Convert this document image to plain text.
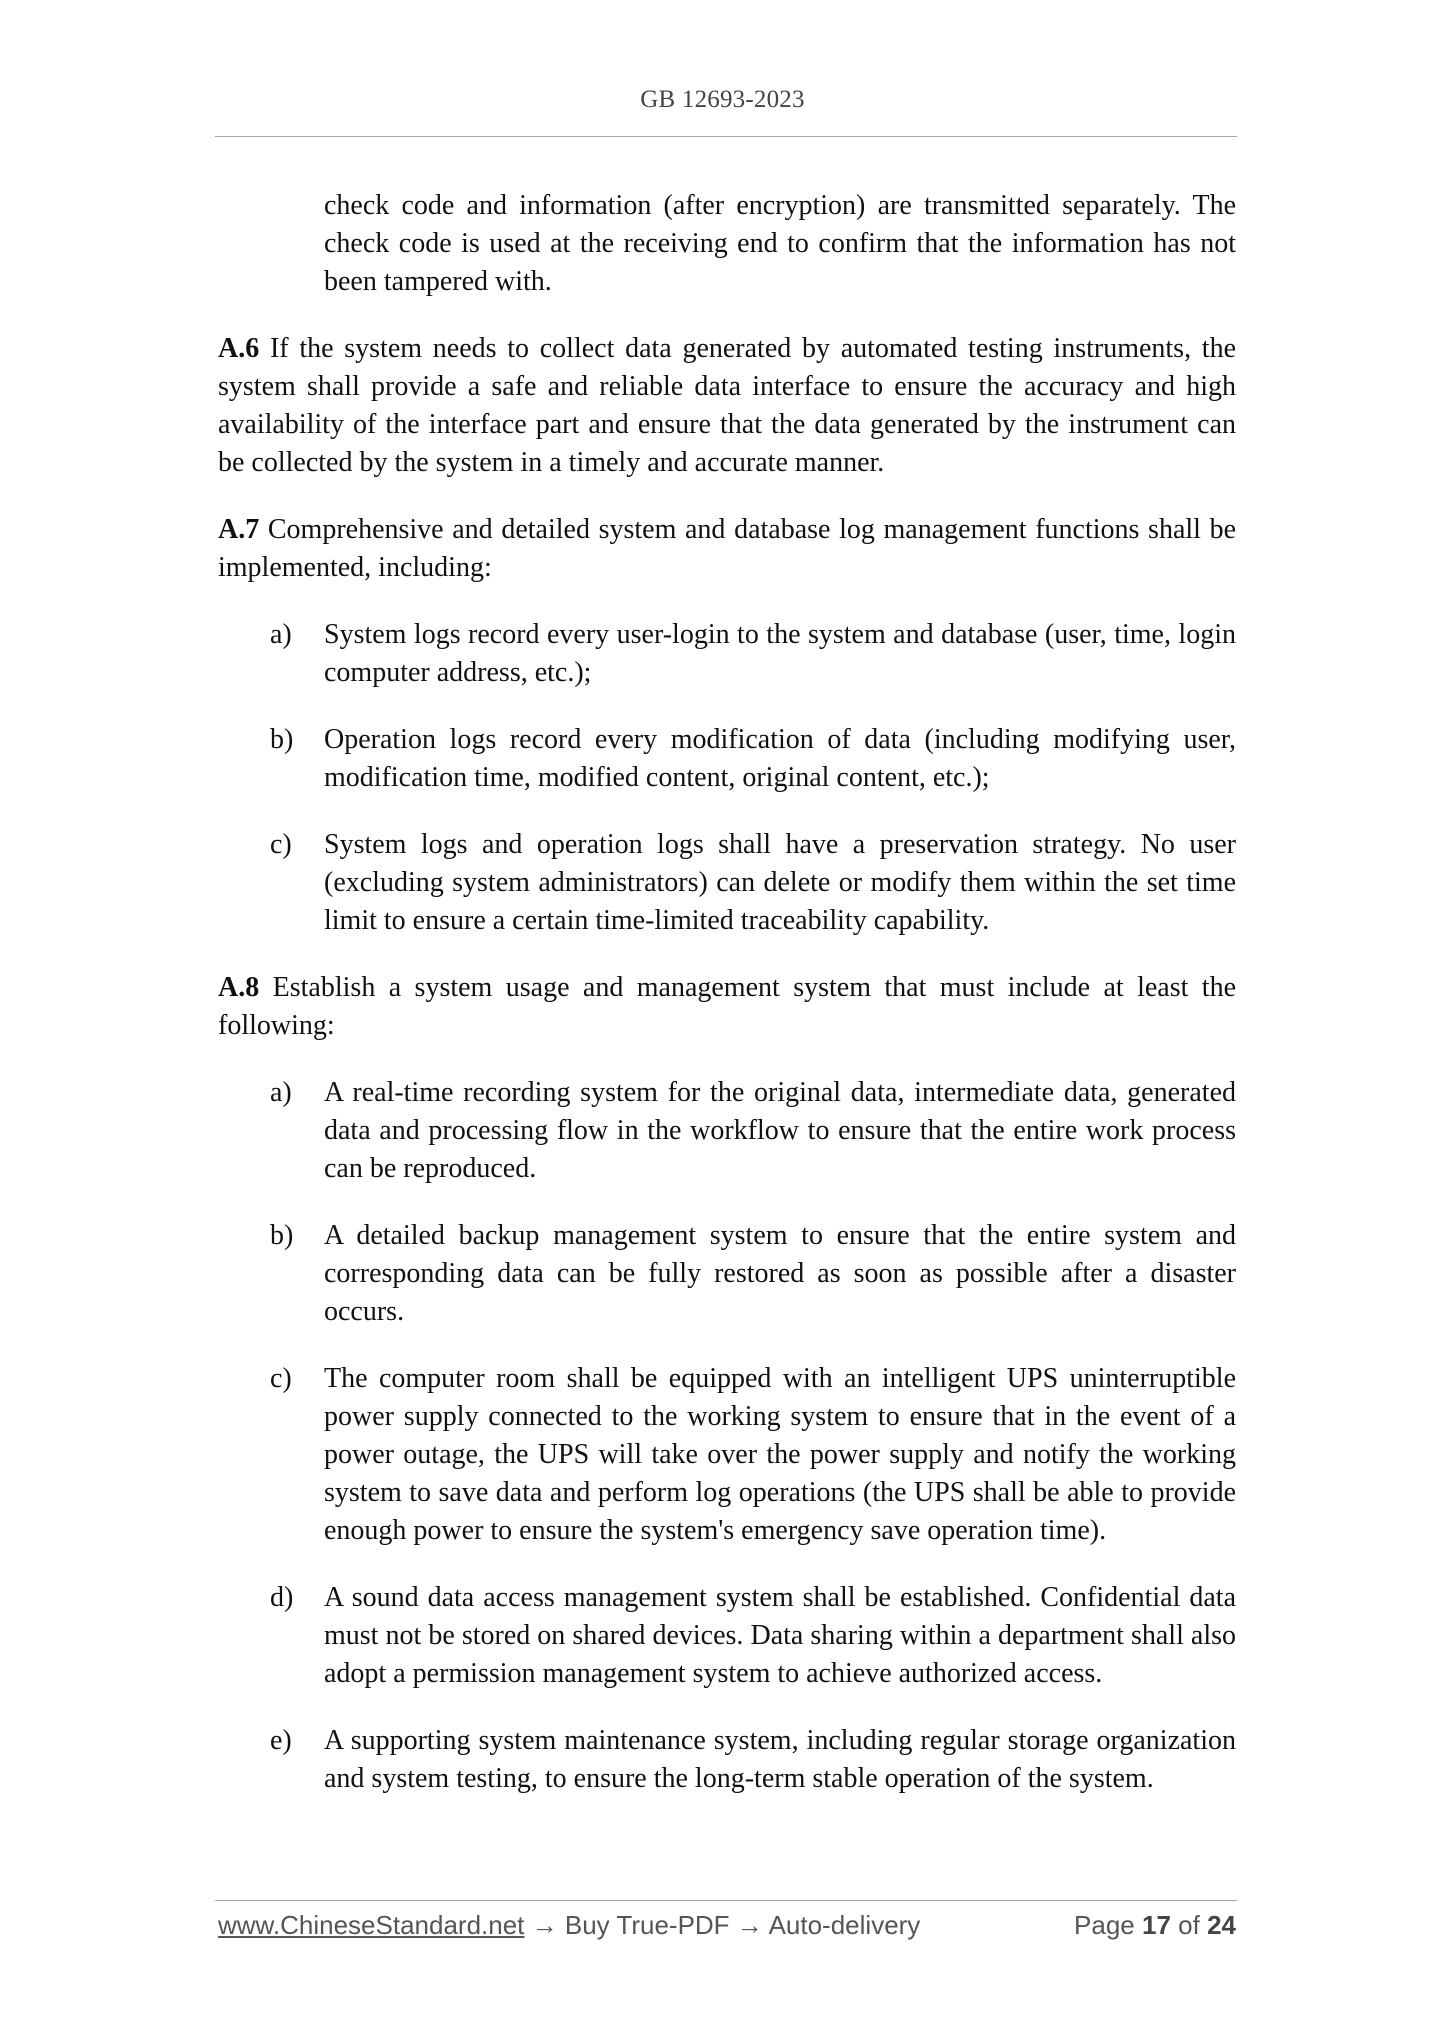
GB 12693-2023

check code and information (after encryption) are transmitted separately. The check code is used at the receiving end to confirm that the information has not been tampered with.

A.6 If the system needs to collect data generated by automated testing instruments, the system shall provide a safe and reliable data interface to ensure the accuracy and high availability of the interface part and ensure that the data generated by the instrument can be collected by the system in a timely and accurate manner.

A.7 Comprehensive and detailed system and database log management functions shall be implemented, including:

a) System logs record every user-login to the system and database (user, time, login computer address, etc.);

b) Operation logs record every modification of data (including modifying user, modification time, modified content, original content, etc.);

c) System logs and operation logs shall have a preservation strategy. No user (excluding system administrators) can delete or modify them within the set time limit to ensure a certain time-limited traceability capability.

A.8 Establish a system usage and management system that must include at least the following:

a) A real-time recording system for the original data, intermediate data, generated data and processing flow in the workflow to ensure that the entire work process can be reproduced.

b) A detailed backup management system to ensure that the entire system and corresponding data can be fully restored as soon as possible after a disaster occurs.

c) The computer room shall be equipped with an intelligent UPS uninterruptible power supply connected to the working system to ensure that in the event of a power outage, the UPS will take over the power supply and notify the working system to save data and perform log operations (the UPS shall be able to provide enough power to ensure the system's emergency save operation time).

d) A sound data access management system shall be established. Confidential data must not be stored on shared devices. Data sharing within a department shall also adopt a permission management system to achieve authorized access.

e) A supporting system maintenance system, including regular storage organization and system testing, to ensure the long-term stable operation of the system.

www.ChineseStandard.net → Buy True-PDF → Auto-delivery	Page 17 of 24
